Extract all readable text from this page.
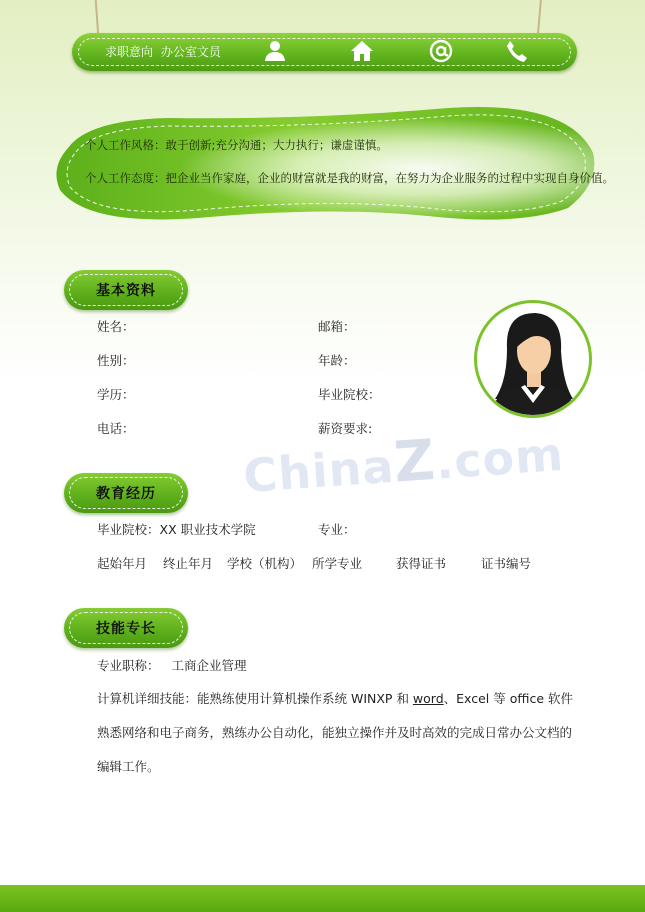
求职意向 办公室文员
个人工作风格：敢于创新;充分沟通；大力执行；谦虚谨慎。
个人工作态度：把企业当作家庭，企业的财富就是我的财富，在努力为企业服务的过程中实现自身价值。
基本资料
姓名：	邮箱：
性别：	年龄：
学历：	毕业院校：
电话：	薪资要求:
ChinaZ.com
教育经历
毕业院校：XX 职业技术学院	专业：
起始年月 终止年月 学校（机构） 所学专业	获得证书	证书编号
技能专长
专业职称： 工商企业管理
计算机详细技能：能熟练使用计算机操作系统 WINXP 和 word、Excel 等 office 软件
熟悉网络和电子商务，熟练办公自动化，能独立操作并及时高效的完成日常办公文档的
编辑工作。
